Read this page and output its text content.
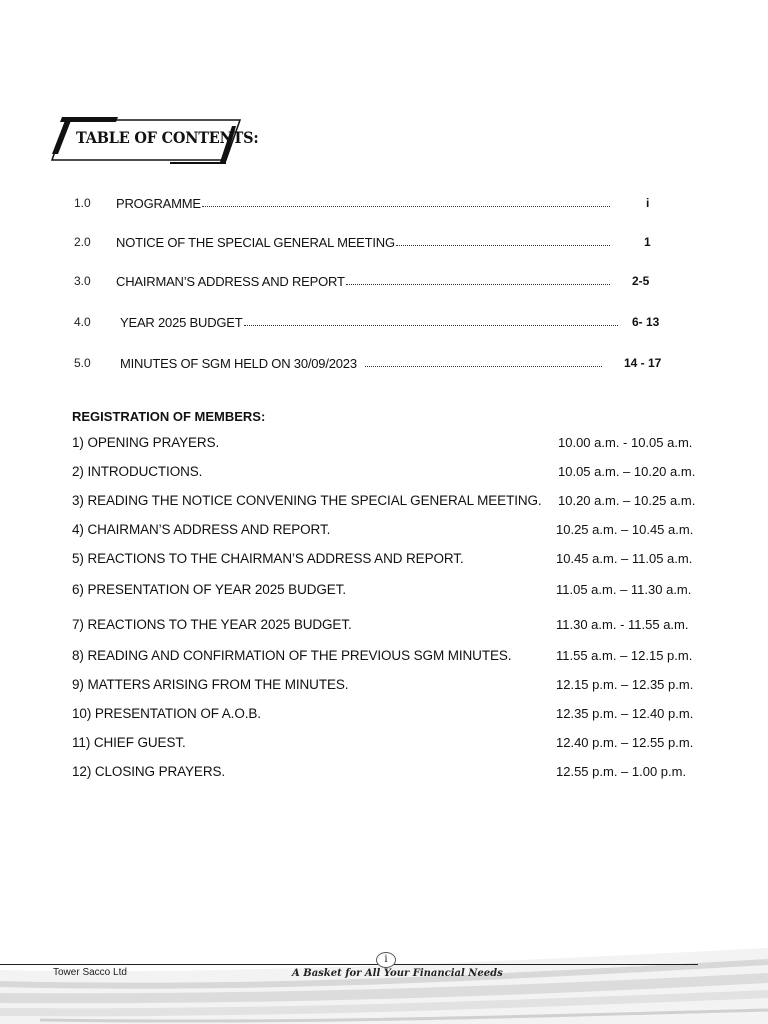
TABLE OF CONTENTS:
1.0 PROGRAMME	i
2.0 NOTICE OF THE SPECIAL GENERAL MEETING	1
3.0 CHAIRMAN’S ADDRESS AND REPORT	2-5
4.0 YEAR 2025 BUDGET	6- 13
5.0 MINUTES OF SGM HELD ON 30/09/2023	14 - 17
REGISTRATION OF MEMBERS:
1) OPENING PRAYERS.	10.00 a.m. - 10.05 a.m.
2) INTRODUCTIONS.	10.05 a.m. – 10.20 a.m.
3) READING THE NOTICE CONVENING THE SPECIAL GENERAL MEETING. 10.20 a.m. – 10.25 a.m.
4) CHAIRMAN’S ADDRESS AND REPORT.	10.25 a.m. – 10.45 a.m.
5) REACTIONS TO THE CHAIRMAN’S ADDRESS AND REPORT.	10.45 a.m. – 11.05 a.m.
6) PRESENTATION OF YEAR 2025 BUDGET.	11.05 a.m. – 11.30 a.m.
7) REACTIONS TO THE YEAR 2025 BUDGET.	11.30 a.m. - 11.55 a.m.
8) READING AND CONFIRMATION OF THE PREVIOUS SGM MINUTES.	11.55 a.m. – 12.15 p.m.
9) MATTERS ARISING FROM THE MINUTES.	12.15 p.m. – 12.35 p.m.
10) PRESENTATION OF A.O.B.	12.35 p.m. – 12.40 p.m.
11) CHIEF GUEST.	12.40 p.m. – 12.55 p.m.
12) CLOSING PRAYERS.	12.55 p.m. – 1.00 p.m.
i
Tower Sacco Ltd	A Basket for All Your Financial Needs
